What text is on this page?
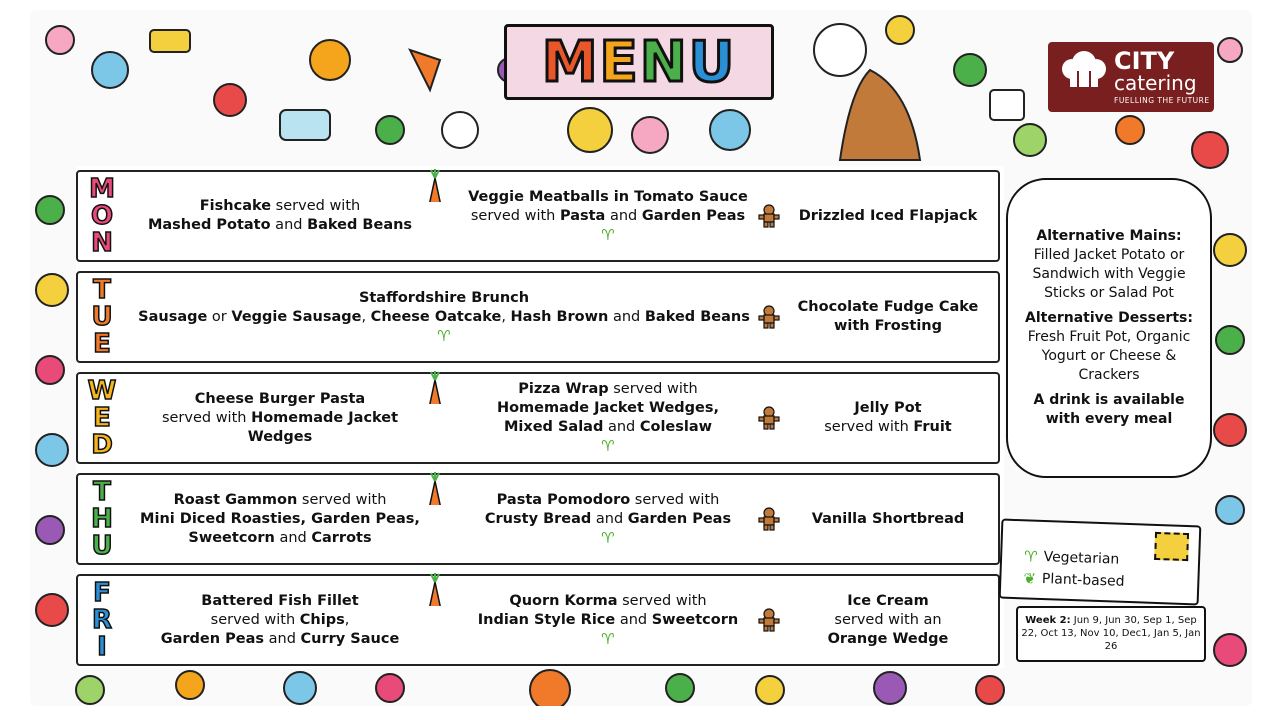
MENU	CITY
catering
FUELLING THE FUTURE
M
O
N
Fishcake served with
Mashed Potato and Baked Beans
Veggie Meatballs in Tomato Sauce
served with Pasta and Garden Peas
♈
Drizzled Iced Flapjack
T
U
E
Staffordshire Brunch
Sausage or Veggie Sausage, Cheese Oatcake, Hash Brown and Baked Beans
♈
Chocolate Fudge Cake
with Frosting
W
E
D
Cheese Burger Pasta
served with Homemade Jacket Wedges
Pizza Wrap served with
Homemade Jacket Wedges,
Mixed Salad and Coleslaw
♈
Jelly Pot
served with Fruit
T
H
U
Roast Gammon served with
Mini Diced Roasties, Garden Peas,
Sweetcorn and Carrots
Pasta Pomodoro served with
Crusty Bread and Garden Peas
♈
Vanilla Shortbread
F
R
I
Battered Fish Fillet
served with Chips,
Garden Peas and Curry Sauce
Quorn Korma served with
Indian Style Rice and Sweetcorn
♈
Ice Cream
served with an
Orange Wedge
Alternative Mains:
Filled Jacket Potato or Sandwich with Veggie Sticks or Salad Pot
Alternative Desserts: Fresh Fruit Pot, Organic Yogurt or Cheese & Crackers
A drink is available with every meal
♈ Vegetarian
❦ Plant-based
Week 2: Jun 9, Jun 30, Sep 1, Sep 22, Oct 13, Nov 10, Dec1, Jan 5, Jan 26
